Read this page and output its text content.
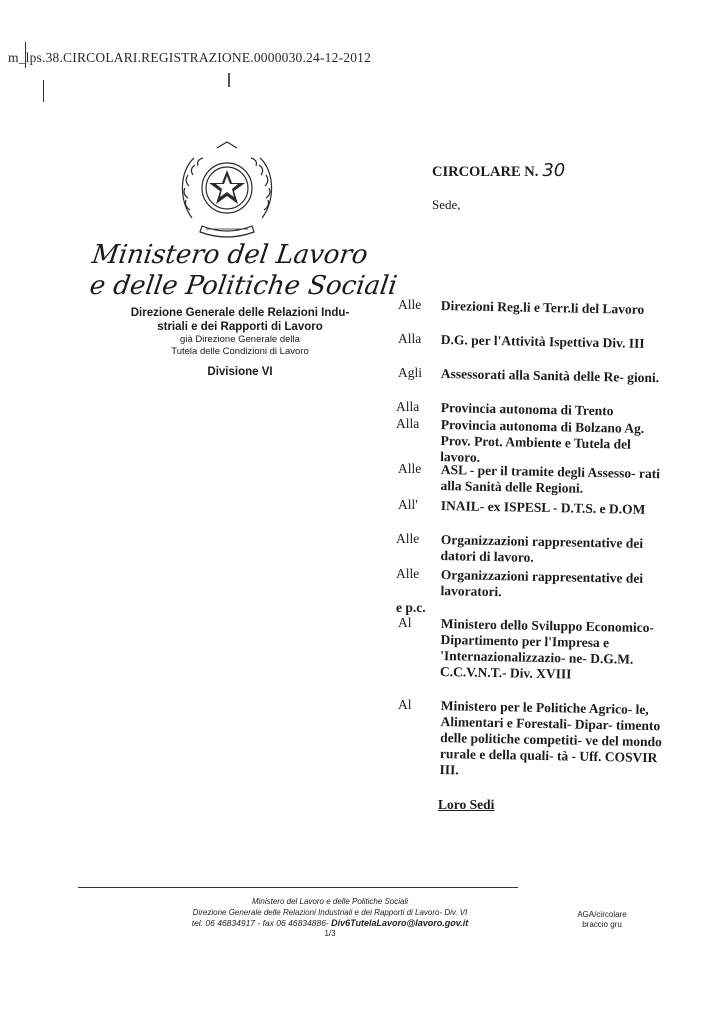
m_lps.38.CIRCOLARI.REGISTRAZIONE.0000030.24-12-2012
Ministero del Lavoro
e delle Politiche Sociali
Direzione Generale delle Relazioni Indu-
striali e dei Rapporti di Lavoro
già Direzione Generale della
Tutela delle Condizioni di Lavoro
Divisione VI
CIRCOLARE N. 30
Sede,
Alle Direzioni Reg.li e Terr.li del Lavoro
Alla D.G. per l'Attività Ispettiva Div. III
Agli Assessorati alla Sanità delle Re- gioni.
Alla Provincia autonoma di Trento
Alla Provincia autonoma di Bolzano Ag. Prov. Prot. Ambiente e Tutela del lavoro.
Alle ASL - per il tramite degli Assesso- rati alla Sanità delle Regioni.
All' INAIL- ex ISPESL - D.T.S. e D.OM
Alle Organizzazioni rappresentative dei datori di lavoro.
Alle Organizzazioni rappresentative dei lavoratori.
e p.c.
Al Ministero dello Sviluppo Economico- Dipartimento per l'Impresa e 'Internazionalizzazio- ne- D.G.M. C.C.V.N.T.- Div. XVIII
Al Ministero per le Politiche Agrico- le, Alimentari e Forestali- Dipar- timento delle politiche competiti- ve del mondo rurale e della quali- tà - Uff. COSVIR III.
Loro Sedi
Ministero del Lavoro e delle Politiche Sociali
Direzione Generale delle Relazioni Industriali e dei Rapporti di Lavoro- Div. VI
tel. 06 46834917 - fax 06 46834886- Div6TutelaLavoro@lavoro.gov.it
1/3
AGA/circolare
braccio gru
